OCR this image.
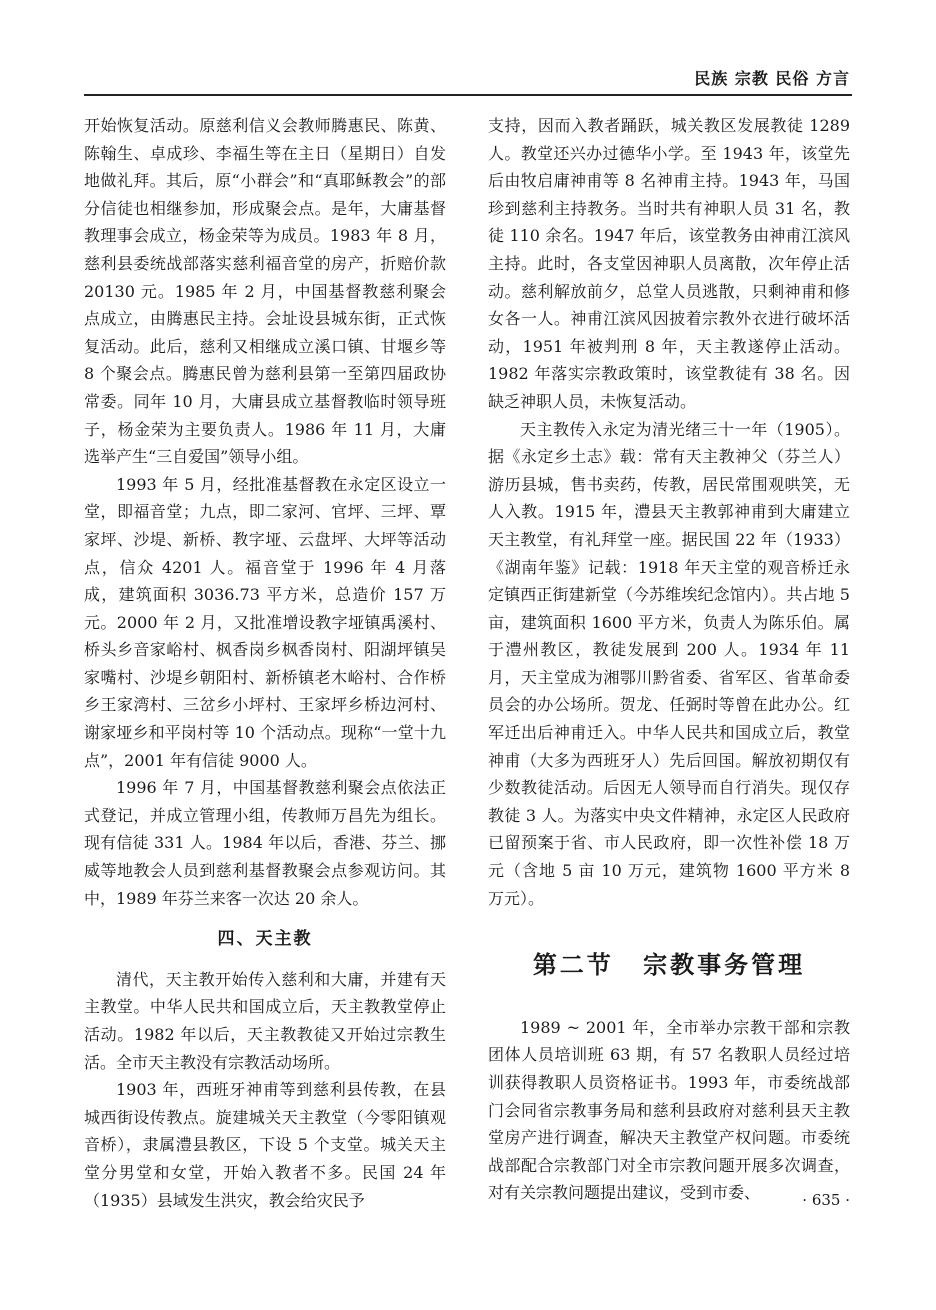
民族 宗教 民俗 方言

开始恢复活动。原慈利信义会教师腾惠民、陈黄、陈翰生、卓成珍、李福生等在主日（星期日）自发地做礼拜。其后，原“小群会”和“真耶稣教会”的部分信徒也相继参加，形成聚会点。是年，大庸基督教理事会成立，杨金荣等为成员。1983 年 8 月，慈利县委统战部落实慈利福音堂的房产，折赔价款 20130 元。1985 年 2 月，中国基督教慈利聚会点成立，由腾惠民主持。会址设县城东街，正式恢复活动。此后，慈利又相继成立溪口镇、甘堰乡等 8 个聚会点。腾惠民曾为慈利县第一至第四届政协常委。同年 10 月，大庸县成立基督教临时领导班子，杨金荣为主要负责人。1986 年 11 月，大庸选举产生“三自爱国”领导小组。

1993 年 5 月，经批准基督教在永定区设立一堂，即福音堂；九点，即二家河、官坪、三坪、覃家坪、沙堤、新桥、教字垭、云盘坪、大坪等活动点，信众 4201 人。福音堂于 1996 年 4 月落成，建筑面积 3036.73 平方米，总造价 157 万元。2000 年 2 月，又批准增设教字垭镇禹溪村、桥头乡音家峪村、枫香岗乡枫香岗村、阳湖坪镇吴家嘴村、沙堤乡朝阳村、新桥镇老木峪村、合作桥乡王家湾村、三岔乡小坪村、王家坪乡桥边河村、谢家垭乡和平岗村等 10 个活动点。现称“一堂十九点”，2001 年有信徒 9000 人。

1996 年 7 月，中国基督教慈利聚会点依法正式登记，并成立管理小组，传教师万昌先为组长。现有信徒 331 人。1984 年以后，香港、芬兰、挪威等地教会人员到慈利基督教聚会点参观访问。其中，1989 年芬兰来客一次达 20 余人。

四、天主教

清代，天主教开始传入慈利和大庸，并建有天主教堂。中华人民共和国成立后，天主教教堂停止活动。1982 年以后，天主教教徒又开始过宗教生活。全市天主教没有宗教活动场所。

1903 年，西班牙神甫等到慈利县传教，在县城西街设传教点。旋建城关天主教堂（今零阳镇观音桥），隶属澧县教区，下设 5 个支堂。城关天主堂分男堂和女堂，开始入教者不多。民国 24 年（1935）县域发生洪灾，教会给灾民予

支持，因而入教者踊跃，城关教区发展教徒 1289 人。教堂还兴办过德华小学。至 1943 年，该堂先后由牧启庸神甫等 8 名神甫主持。1943 年，马国珍到慈利主持教务。当时共有神职人员 31 名，教徒 110 余名。1947 年后，该堂教务由神甫江滨风主持。此时，各支堂因神职人员离散，次年停止活动。慈利解放前夕，总堂人员逃散，只剩神甫和修女各一人。神甫江滨风因披着宗教外衣进行破坏活动，1951 年被判刑 8 年，天主教遂停止活动。1982 年落实宗教政策时，该堂教徒有 38 名。因缺乏神职人员，未恢复活动。

天主教传入永定为清光绪三十一年（1905）。据《永定乡土志》载：常有天主教神父（芬兰人）游历县城，售书卖药，传教，居民常围观哄笑，无人入教。1915 年，澧县天主教郭神甫到大庸建立天主教堂，有礼拜堂一座。据民国 22 年（1933）《湖南年鉴》记载：1918 年天主堂的观音桥迁永定镇西正街建新堂（今苏维埃纪念馆内）。共占地 5 亩，建筑面积 1600 平方米，负责人为陈乐伯。属于澧州教区，教徒发展到 200 人。1934 年 11 月，天主堂成为湘鄂川黔省委、省军区、省革命委员会的办公场所。贺龙、任弼时等曾在此办公。红军迁出后神甫迁入。中华人民共和国成立后，教堂神甫（大多为西班牙人）先后回国。解放初期仅有少数教徒活动。后因无人领导而自行消失。现仅存教徒 3 人。为落实中央文件精神，永定区人民政府已留预案于省、市人民政府，即一次性补偿 18 万元（含地 5 亩 10 万元，建筑物 1600 平方米 8 万元）。

第二节 宗教事务管理

1989 ~ 2001 年，全市举办宗教干部和宗教团体人员培训班 63 期，有 57 名教职人员经过培训获得教职人员资格证书。1993 年，市委统战部门会同省宗教事务局和慈利县政府对慈利县天主教堂房产进行调查，解决天主教堂产权问题。市委统战部配合宗教部门对全市宗教问题开展多次调查，对有关宗教问题提出建议，受到市委、	· 635 ·
